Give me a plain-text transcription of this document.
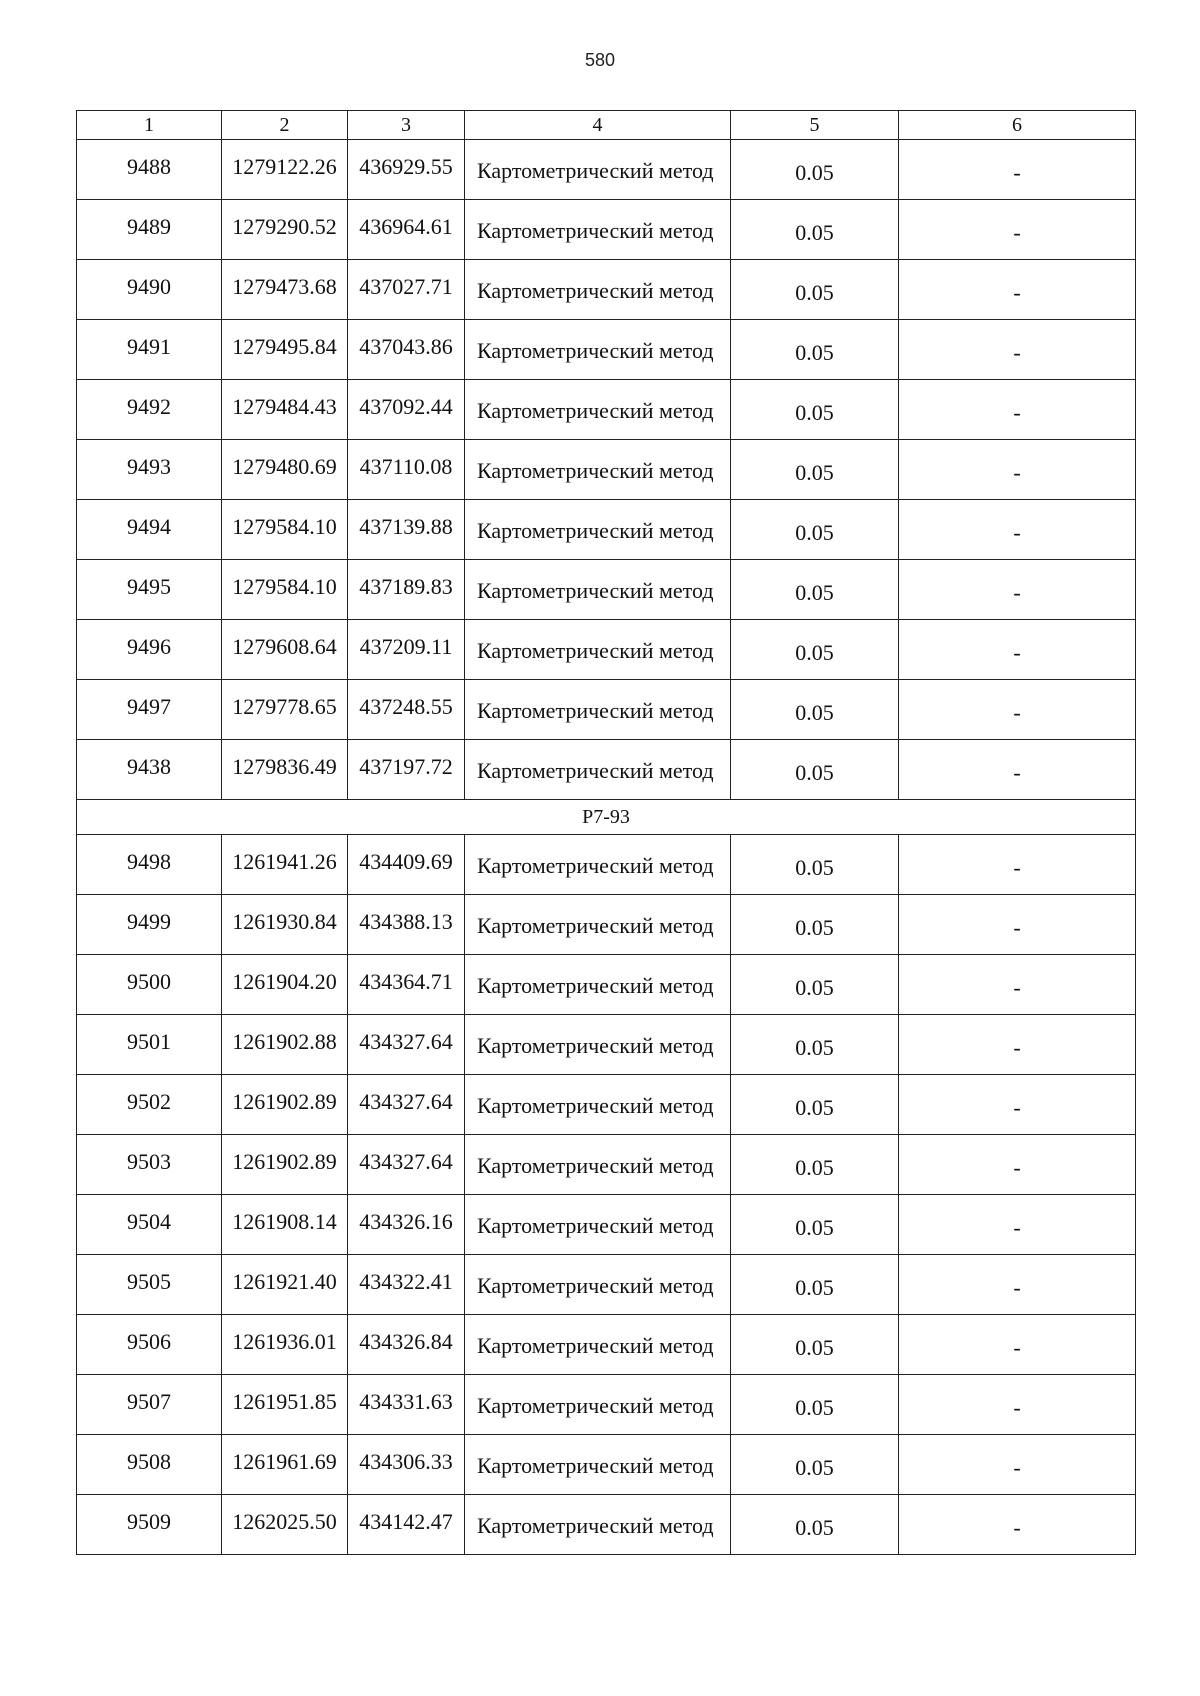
580
1	2	3	4	5	6
9488	1279122.26	436929.55	Картометрический метод	0.05	-
9489	1279290.52	436964.61	Картометрический метод	0.05	-
9490	1279473.68	437027.71	Картометрический метод	0.05	-
9491	1279495.84	437043.86	Картометрический метод	0.05	-
9492	1279484.43	437092.44	Картометрический метод	0.05	-
9493	1279480.69	437110.08	Картометрический метод	0.05	-
9494	1279584.10	437139.88	Картометрический метод	0.05	-
9495	1279584.10	437189.83	Картометрический метод	0.05	-
9496	1279608.64	437209.11	Картометрический метод	0.05	-
9497	1279778.65	437248.55	Картометрический метод	0.05	-
9438	1279836.49	437197.72	Картометрический метод	0.05	-
Р7-93					
9498	1261941.26	434409.69	Картометрический метод	0.05	-
9499	1261930.84	434388.13	Картометрический метод	0.05	-
9500	1261904.20	434364.71	Картометрический метод	0.05	-
9501	1261902.88	434327.64	Картометрический метод	0.05	-
9502	1261902.89	434327.64	Картометрический метод	0.05	-
9503	1261902.89	434327.64	Картометрический метод	0.05	-
9504	1261908.14	434326.16	Картометрический метод	0.05	-
9505	1261921.40	434322.41	Картометрический метод	0.05	-
9506	1261936.01	434326.84	Картометрический метод	0.05	-
9507	1261951.85	434331.63	Картометрический метод	0.05	-
9508	1261961.69	434306.33	Картометрический метод	0.05	-
9509	1262025.50	434142.47	Картометрический метод	0.05	-
